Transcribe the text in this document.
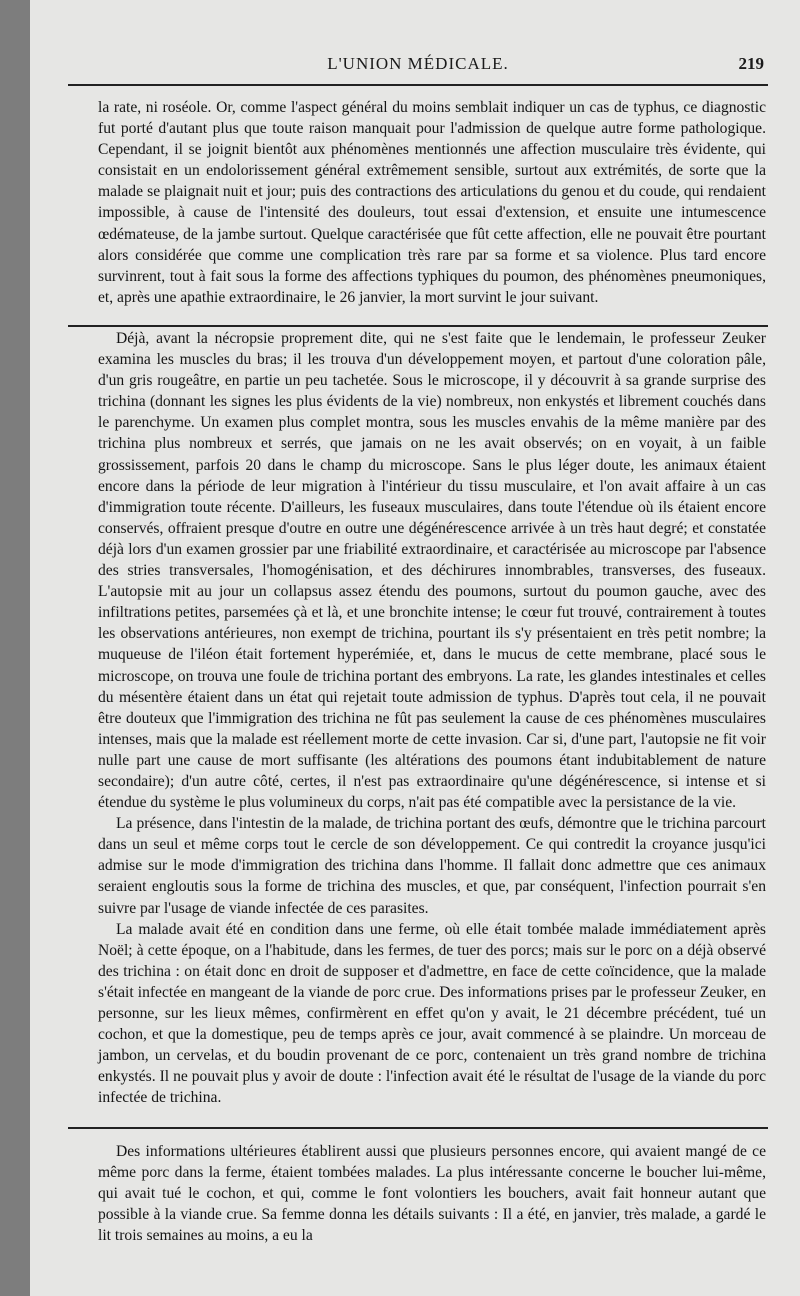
L'UNION MÉDICALE.	219

la rate, ni roséole. Or, comme l'aspect général du moins semblait indiquer un cas de typhus, ce diagnostic fut porté d'autant plus que toute raison manquait pour l'admission de quelque autre forme pathologique. Cependant, il se joignit bientôt aux phénomènes mentionnés une affection musculaire très évidente, qui consistait en un endolorissement général extrêmement sensible, surtout aux extrémités, de sorte que la malade se plaignait nuit et jour; puis des contractions des articulations du genou et du coude, qui rendaient impossible, à cause de l'intensité des douleurs, tout essai d'extension, et ensuite une intumescence œdémateuse, de la jambe surtout. Quelque caractérisée que fût cette affection, elle ne pouvait être pourtant alors considérée que comme une complication très rare par sa forme et sa violence. Plus tard encore survinrent, tout à fait sous la forme des affections typhiques du poumon, des phénomènes pneumoniques, et, après une apathie extraordinaire, le 26 janvier, la mort survint le jour suivant.

Déjà, avant la nécropsie proprement dite, qui ne s'est faite que le lendemain, le professeur Zeuker examina les muscles du bras; il les trouva d'un développement moyen, et partout d'une coloration pâle, d'un gris rougeâtre, en partie un peu tachetée. Sous le microscope, il y découvrit à sa grande surprise des trichina (donnant les signes les plus évidents de la vie) nombreux, non enkystés et librement couchés dans le parenchyme. Un examen plus complet montra, sous les muscles envahis de la même manière par des trichina plus nombreux et serrés, que jamais on ne les avait observés; on en voyait, à un faible grossissement, parfois 20 dans le champ du microscope. Sans le plus léger doute, les animaux étaient encore dans la période de leur migration à l'intérieur du tissu musculaire, et l'on avait affaire à un cas d'immigration toute récente. D'ailleurs, les fuseaux musculaires, dans toute l'étendue où ils étaient encore conservés, offraient presque d'outre en outre une dégénérescence arrivée à un très haut degré; et constatée déjà lors d'un examen grossier par une friabilité extraordinaire, et caractérisée au microscope par l'absence des stries transversales, l'homogénisation, et des déchirures innombrables, transverses, des fuseaux. L'autopsie mit au jour un collapsus assez étendu des poumons, surtout du poumon gauche, avec des infiltrations petites, parsemées çà et là, et une bronchite intense; le cœur fut trouvé, contrairement à toutes les observations antérieures, non exempt de trichina, pourtant ils s'y présentaient en très petit nombre; la muqueuse de l'iléon était fortement hyperémiée, et, dans le mucus de cette membrane, placé sous le microscope, on trouva une foule de trichina portant des embryons. La rate, les glandes intestinales et celles du mésentère étaient dans un état qui rejetait toute admission de typhus. D'après tout cela, il ne pouvait être douteux que l'immigration des trichina ne fût pas seulement la cause de ces phénomènes musculaires intenses, mais que la malade est réellement morte de cette invasion. Car si, d'une part, l'autopsie ne fit voir nulle part une cause de mort suffisante (les altérations des poumons étant indubitablement de nature secondaire); d'un autre côté, certes, il n'est pas extraordinaire qu'une dégénérescence, si intense et si étendue du système le plus volumineux du corps, n'ait pas été compatible avec la persistance de la vie.

La présence, dans l'intestin de la malade, de trichina portant des œufs, démontre que le trichina parcourt dans un seul et même corps tout le cercle de son développement. Ce qui contredit la croyance jusqu'ici admise sur le mode d'immigration des trichina dans l'homme. Il fallait donc admettre que ces animaux seraient engloutis sous la forme de trichina des muscles, et que, par conséquent, l'infection pourrait s'en suivre par l'usage de viande infectée de ces parasites.

La malade avait été en condition dans une ferme, où elle était tombée malade immédiatement après Noël; à cette époque, on a l'habitude, dans les fermes, de tuer des porcs; mais sur le porc on a déjà observé des trichina : on était donc en droit de supposer et d'admettre, en face de cette coïncidence, que la malade s'était infectée en mangeant de la viande de porc crue. Des informations prises par le professeur Zeuker, en personne, sur les lieux mêmes, confirmèrent en effet qu'on y avait, le 21 décembre précédent, tué un cochon, et que la domestique, peu de temps après ce jour, avait commencé à se plaindre. Un morceau de jambon, un cervelas, et du boudin provenant de ce porc, contenaient un très grand nombre de trichina enkystés. Il ne pouvait plus y avoir de doute : l'infection avait été le résultat de l'usage de la viande du porc infectée de trichina.

Des informations ultérieures établirent aussi que plusieurs personnes encore, qui avaient mangé de ce même porc dans la ferme, étaient tombées malades. La plus intéressante concerne le boucher lui-même, qui avait tué le cochon, et qui, comme le font volontiers les bouchers, avait fait honneur autant que possible à la viande crue. Sa femme donna les détails suivants : Il a été, en janvier, très malade, a gardé le lit trois semaines au moins, a eu la
